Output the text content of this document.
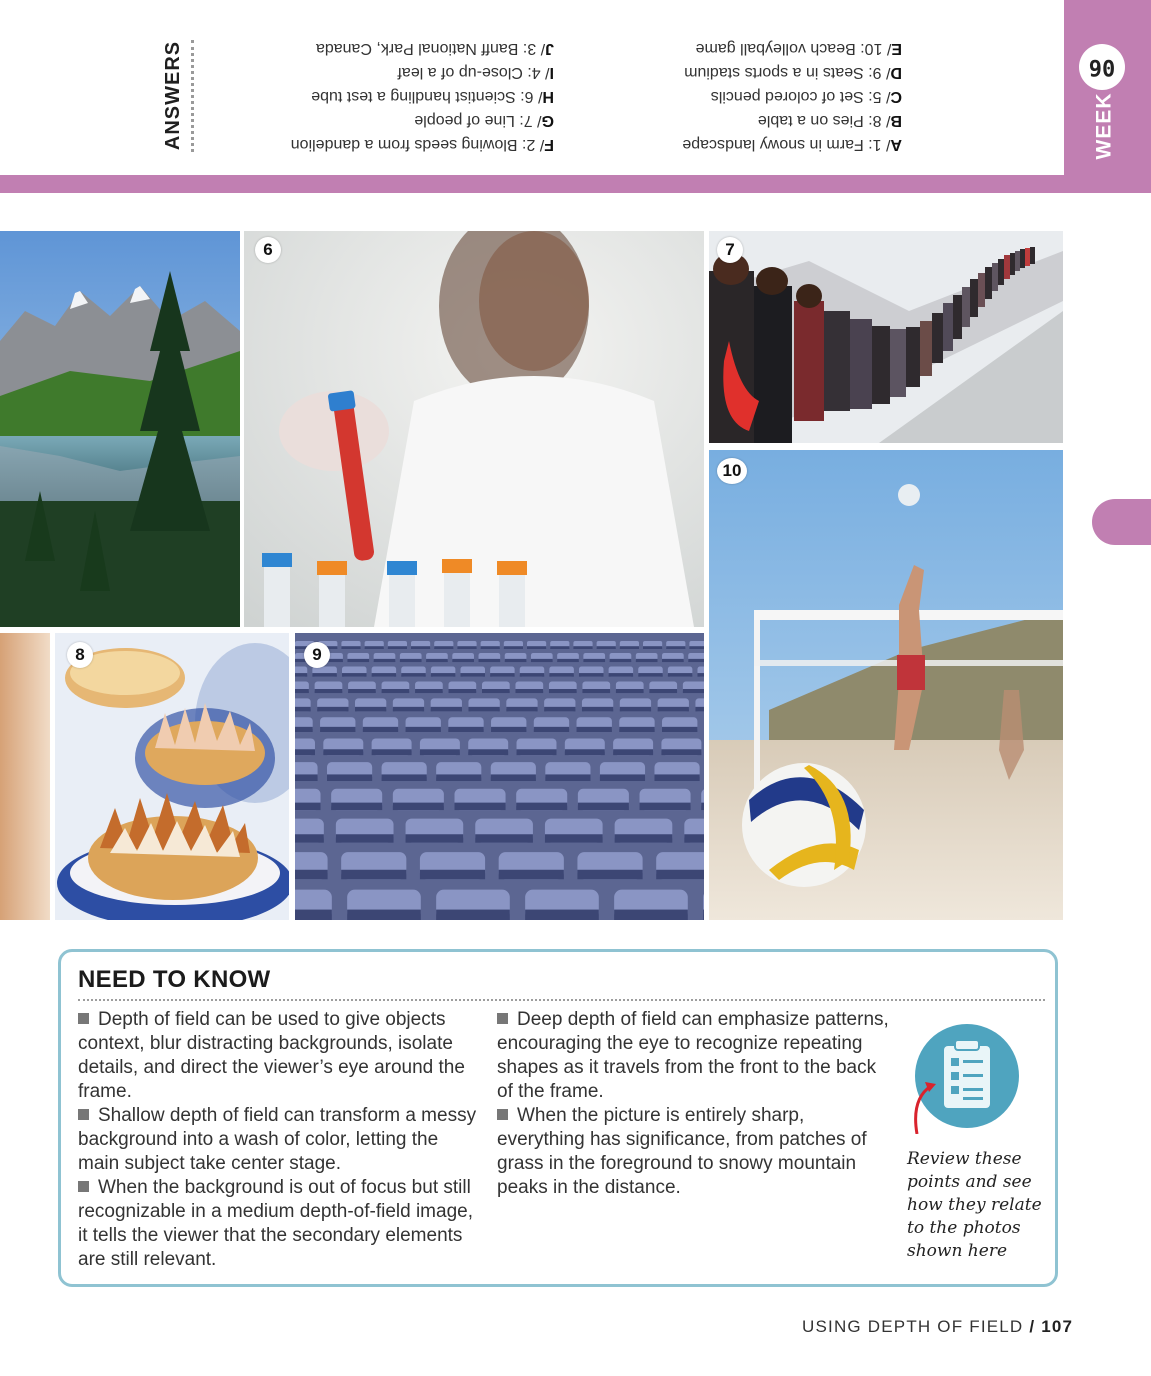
06
WEEK
ANSWERS	F/ 2: Blowing seeds from a dandelion
G/ 7: Line of people
H/ 6: Scientist handling a test tube
I/ 4: Close-up of a leaf
J/ 3: Banff National Park, Canada
A/ 1: Farm in snowy landscape
B/ 8: Pies on a table
C/ 5: Set of colored pencils
D/ 9: Seats in a sports stadium
E/ 10: Beach volleyball game
6	7
10
8	9
NEED TO KNOW

Depth of field can be used to give objects context, blur distracting backgrounds, isolate details, and direct the viewer’s eye around the frame.

Shallow depth of field can transform a messy background into a wash of color, letting the main subject take center stage.

When the background is out of focus but still recognizable in a medium depth-of-field image, it tells the viewer that the secondary elements are still relevant.

Deep depth of field can emphasize patterns, encouraging the eye to recognize repeating shapes as it travels from the front to the back of the frame.

When the picture is entirely sharp, everything has significance, from patches of grass in the foreground to snowy mountain peaks in the distance.

Review these points and see how they relate to the photos shown here
USING DEPTH OF FIELD / 107
